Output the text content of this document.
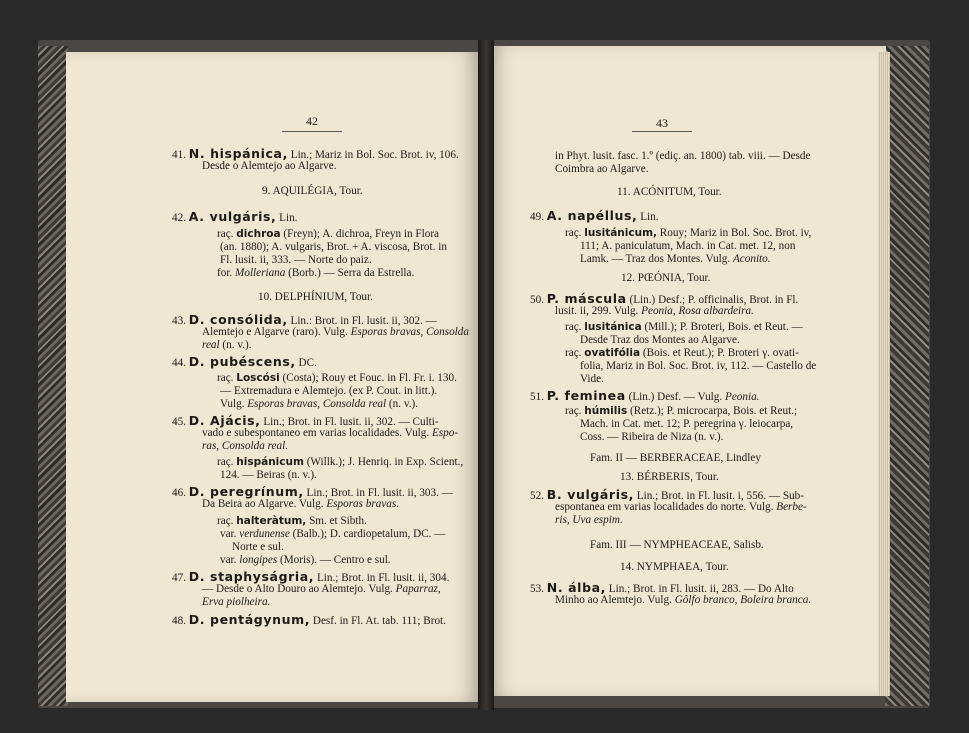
42	43
41. N. hispánica, Lin.; Mariz in Bol. Soc. Brot. iv, 106.
Desde o Alemtejo ao Algarve.
9. AQUILÉGIA, Tour.
42. A. vulgáris, Lin.
raç. dichroa (Freyn); A. dichroa, Freyn in Flora
(an. 1880); A. vulgaris, Brot. + A. viscosa, Brot. in
Fl. lusit. ii, 333. — Norte do paiz.
for. Molleriana (Borb.) — Serra da Estrella.
10. DELPHÍNIUM, Tour.
43. D. consólida, Lin.: Brot. in Fl. lusit. ii, 302. —
Alemtejo e Algarve (raro). Vulg. Esporas bravas, Consolda
real (n. v.).
44. D. pubéscens, DC.
raç. Loscósi (Costa); Rouy et Fouc. in Fl. Fr. i. 130.
— Extremadura e Alemtejo. (ex P. Cout. in litt.).
Vulg. Esporas bravas, Consolda real (n. v.).
45. D. Ajácis, Lin.; Brot. in Fl. lusit. ii, 302. — Culti-
vado e subespontaneo em varias localidades. Vulg. Espo-
ras, Consolda real.
raç. hispánicum (Willk.); J. Henriq. in Exp. Scient.,
124. — Beiras (n. v.).
46. D. peregrínum, Lin.; Brot. in Fl. lusit. ii, 303. —
Da Beira ao Algarve. Vulg. Esporas bravas.
raç. halteràtum, Sm. et Sibth.
var. verdunense (Balb.); D. cardiopetalum, DC. —
Norte e sul.
var. longipes (Moris). — Centro e sul.
47. D. staphyságria, Lin.; Brot. in Fl. lusit. ii, 304.
— Desde o Alto Douro ao Alemtejo. Vulg. Paparraz,
Erva piolheira.
48. D. pentágynum, Desf. in Fl. At. tab. 111; Brot.
in Phyt. lusit. fasc. 1.º (ediç. an. 1800) tab. viii. — Desde
Coimbra ao Algarve.
11. ACÓNITUM, Tour.
49. A. napéllus, Lin.
raç. lusitánicum, Rouy; Mariz in Bol. Soc. Brot. iv,
111; A. paniculatum, Mach. in Cat. met. 12, non
Lamk. — Traz dos Montes. Vulg. Aconito.
12. PŒÓNIA, Tour.
50. P. máscula (Lin.) Desf.; P. officinalis, Brot. in Fl.
lusit. ii, 299. Vulg. Peonia, Rosa albardeira.
raç. lusitánica (Mill.); P. Broteri, Bois. et Reut. —
Desde Traz dos Montes ao Algarve.
raç. ovatifólia (Bois. et Reut.); P. Broteri γ. ovati-
folia, Mariz in Bol. Soc. Brot. iv, 112. — Castello de
Vide.
51. P. feminea (Lin.) Desf. — Vulg. Peonia.
raç. húmilis (Retz.); P. microcarpa, Bois. et Reut.;
Mach. in Cat. met. 12; P. peregrina γ. leiocarpa,
Coss. — Ribeira de Niza (n. v.).
Fam. II — BERBERACEAE, Lindley
13. BÉRBERIS, Tour.
52. B. vulgáris, Lin.; Brot. in Fl. lusit. i, 556. — Sub-
espontanea em varias localidades do norte. Vulg. Berbe-
ris, Uva espim.
Fam. III — NYMPHEACEAE, Salisb.
14. NYMPHAEA, Tour.
53. N. álba, Lin.; Brot. in Fl. lusit. ii, 283. — Do Alto
Minho ao Alemtejo. Vulg. Gôlfo branco, Boleira branca.
